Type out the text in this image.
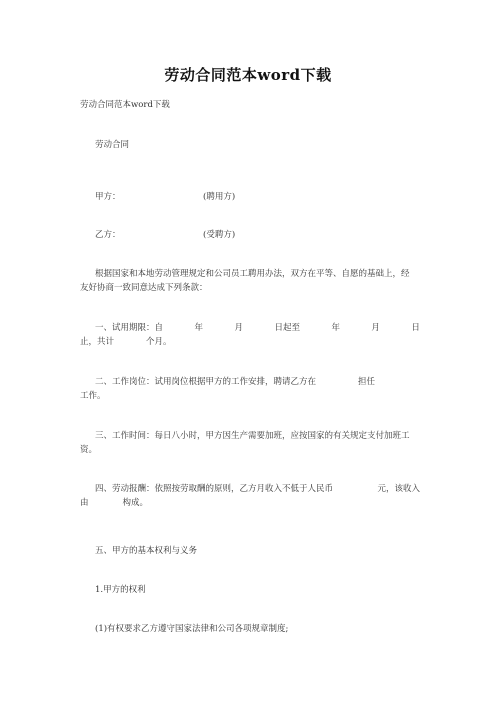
劳动合同范本word下载
劳动合同范本word下载
劳动合同
甲方：	(聘用方)
乙方：	(受聘方)
根据国家和本地劳动管理规定和公司员工聘用办法，双方在平等、自愿的基础上，经
友好协商一致同意达成下列条款：
一、试用期限：自	年	月	日起至	年	月	日
止，共计	个月。
二、工作岗位：试用岗位根据甲方的工作安排，聘请乙方在	担任
工作。
三、工作时间：每日八小时，甲方因生产需要加班，应按国家的有关规定支付加班工
资。
四、劳动报酬：依照按劳取酬的原则，乙方月收入不低于人民币	元，该收入
由	构成。
五、甲方的基本权利与义务
1.甲方的权利
(1)有权要求乙方遵守国家法律和公司各项规章制度;
